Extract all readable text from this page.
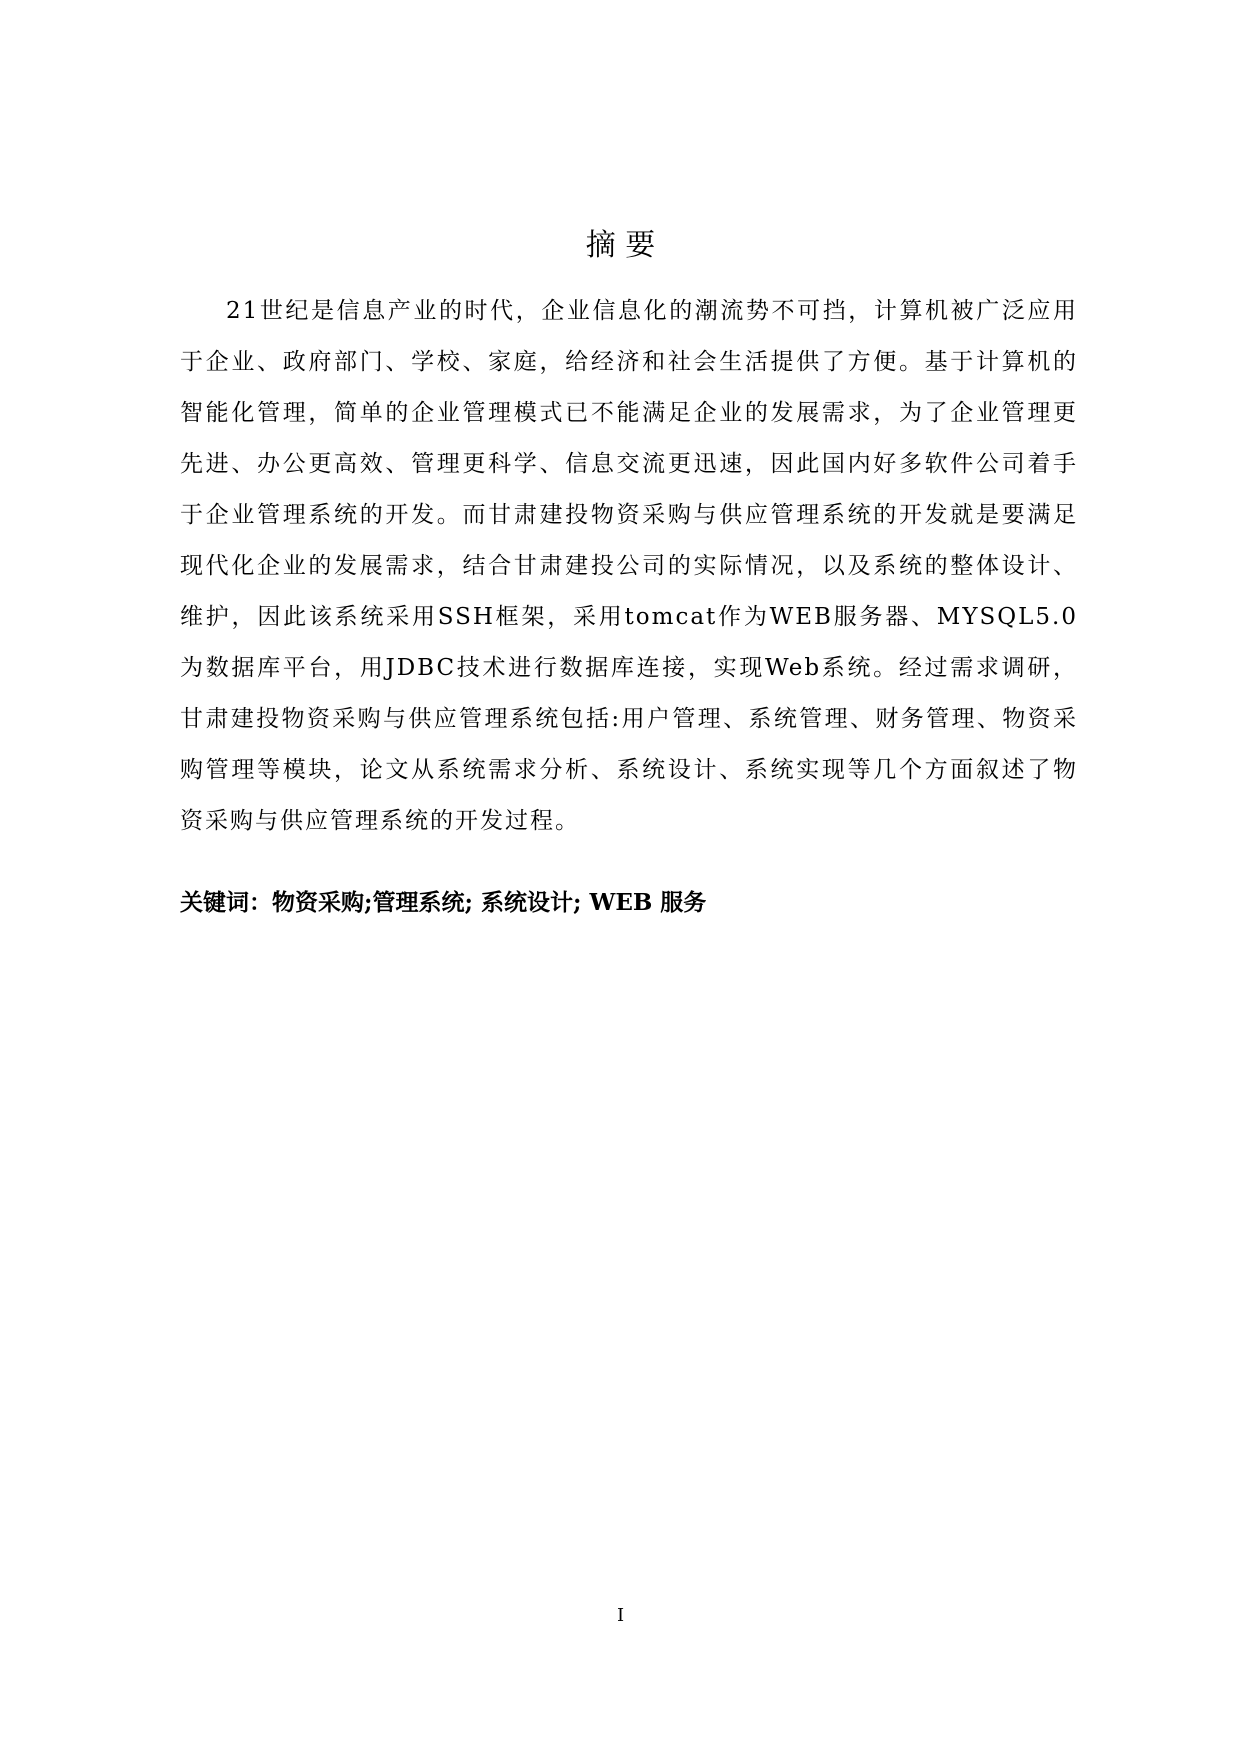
摘 要

21世纪是信息产业的时代，企业信息化的潮流势不可挡，计算机被广泛应用于企业、政府部门、学校、家庭，给经济和社会生活提供了方便。基于计算机的智能化管理，简单的企业管理模式已不能满足企业的发展需求，为了企业管理更先进、办公更高效、管理更科学、信息交流更迅速，因此国内好多软件公司着手于企业管理系统的开发。而甘肃建投物资采购与供应管理系统的开发就是要满足现代化企业的发展需求，结合甘肃建投公司的实际情况，以及系统的整体设计、维护，因此该系统采用SSH框架，采用tomcat作为WEB服务器、MYSQL5.0为数据库平台，用JDBC技术进行数据库连接，实现Web系统。经过需求调研，甘肃建投物资采购与供应管理系统包括:用户管理、系统管理、财务管理、物资采购管理等模块，论文从系统需求分析、系统设计、系统实现等几个方面叙述了物资采购与供应管理系统的开发过程。

关键词：物资采购;管理系统; 系统设计; WEB 服务
I
